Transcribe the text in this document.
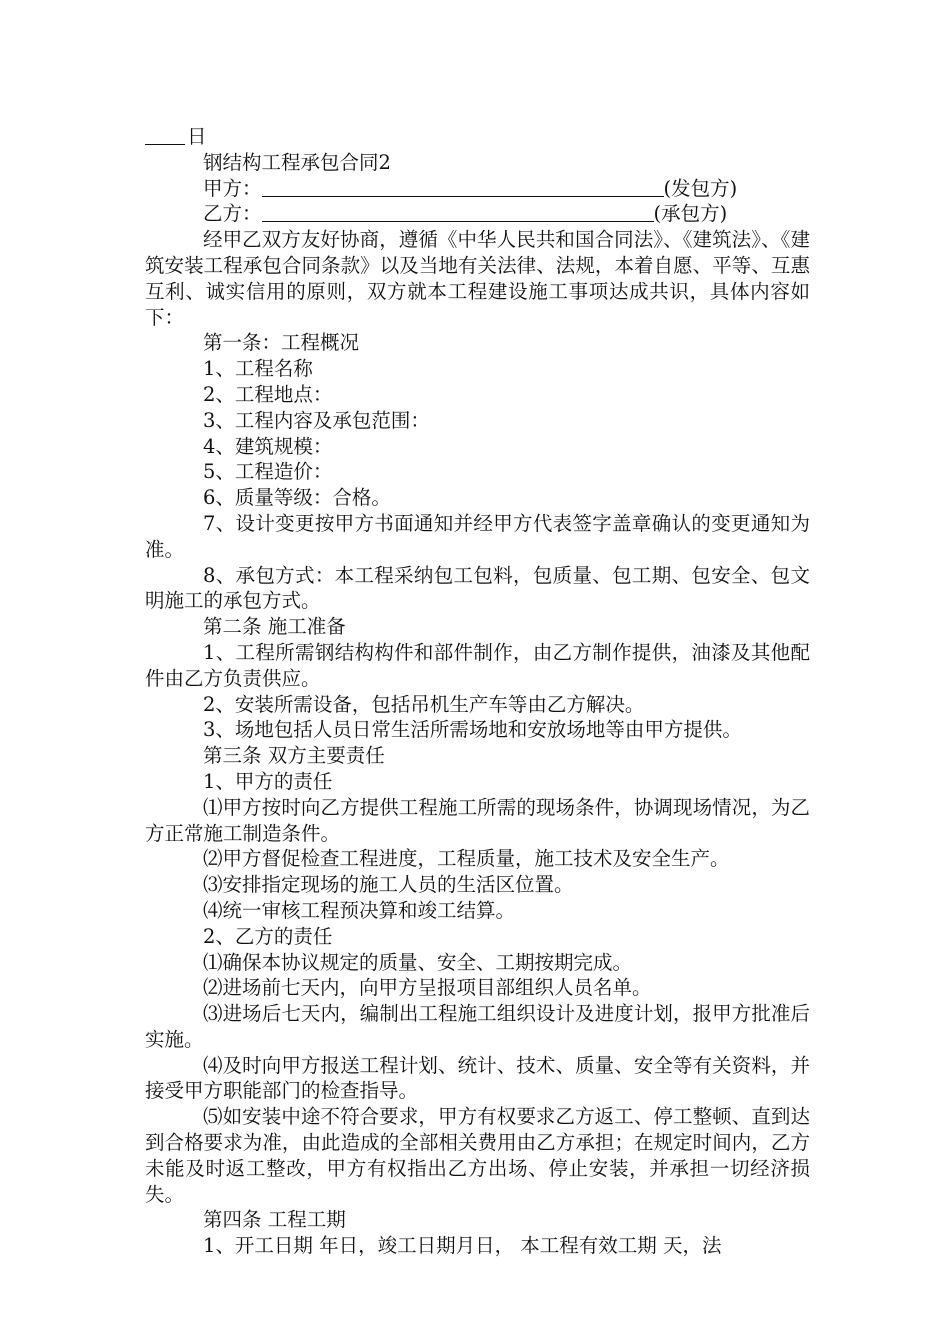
日
钢结构工程承包合同2
甲方：	(发包方)
乙方：	(承包方)
经甲乙双方友好协商，遵循《中华人民共和国合同法》、《建筑法》、《建筑安装工程承包合同条款》以及当地有关法律、法规，本着自愿、平等、互惠互利、诚实信用的原则，双方就本工程建设施工事项达成共识，具体内容如下：
第一条：工程概况
1、工程名称
2、工程地点：
3、工程内容及承包范围：
4、建筑规模：
5、工程造价：
6、质量等级：合格。
7、设计变更按甲方书面通知并经甲方代表签字盖章确认的变更通知为准。
8、承包方式：本工程采纳包工包料，包质量、包工期、包安全、包文明施工的承包方式。
第二条 施工准备
1、工程所需钢结构构件和部件制作，由乙方制作提供，油漆及其他配件由乙方负责供应。
2、安装所需设备，包括吊机生产车等由乙方解决。
3、场地包括人员日常生活所需场地和安放场地等由甲方提供。
第三条 双方主要责任
1、甲方的责任
⑴甲方按时向乙方提供工程施工所需的现场条件，协调现场情况，为乙方正常施工制造条件。
⑵甲方督促检查工程进度，工程质量，施工技术及安全生产。
⑶安排指定现场的施工人员的生活区位置。
⑷统一审核工程预决算和竣工结算。
2、乙方的责任
⑴确保本协议规定的质量、安全、工期按期完成。
⑵进场前七天内，向甲方呈报项目部组织人员名单。
⑶进场后七天内，编制出工程施工组织设计及进度计划，报甲方批准后实施。
⑷及时向甲方报送工程计划、统计、技术、质量、安全等有关资料，并接受甲方职能部门的检查指导。
⑸如安装中途不符合要求，甲方有权要求乙方返工、停工整顿、直到达到合格要求为准，由此造成的全部相关费用由乙方承担；在规定时间内，乙方未能及时返工整改，甲方有权指出乙方出场、停止安装，并承担一切经济损失。
第四条 工程工期
1、开工日期 年日，竣工日期月日， 本工程有效工期 天，法
